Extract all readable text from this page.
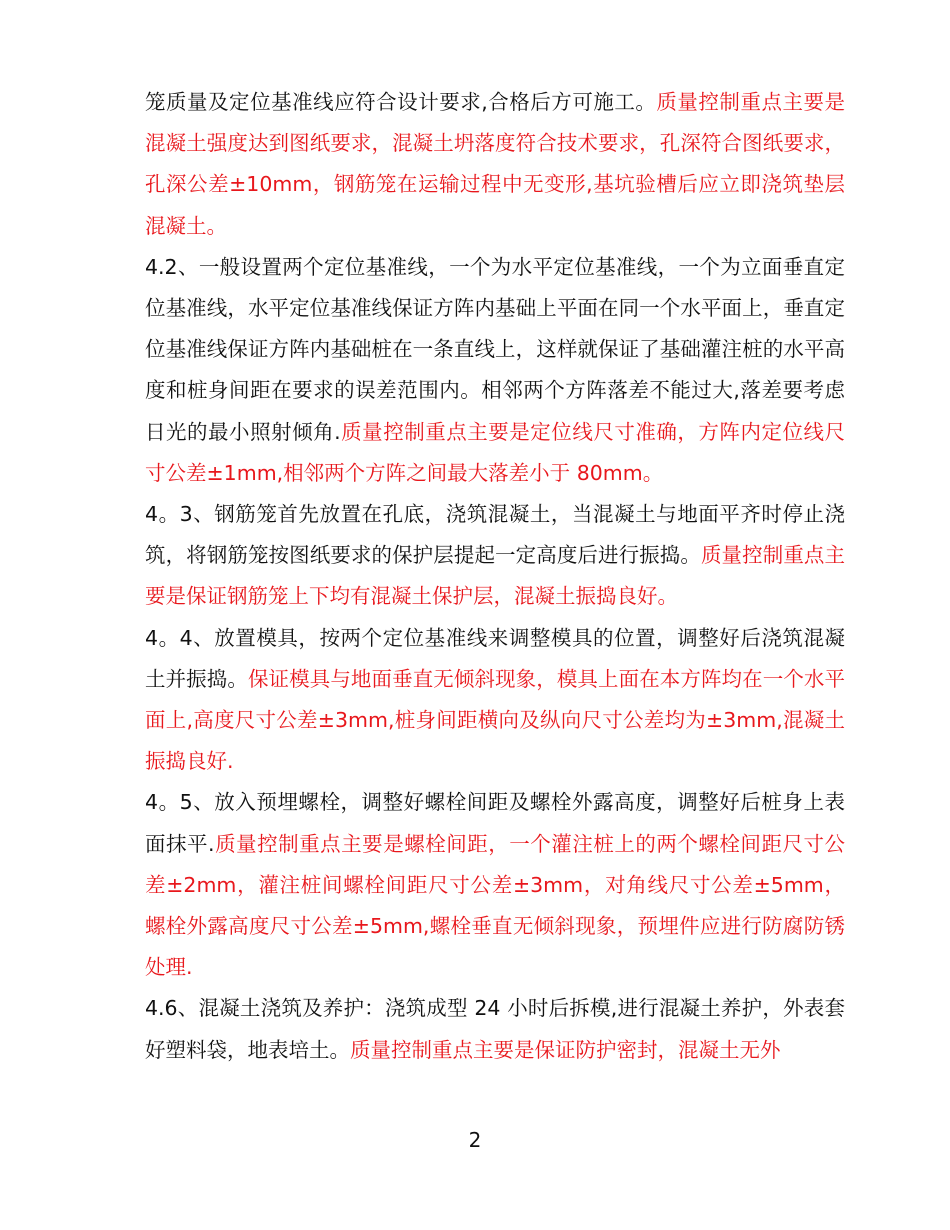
笼质量及定位基准线应符合设计要求,合格后方可施工。质量控制重点主要是混凝土强度达到图纸要求，混凝土坍落度符合技术要求，孔深符合图纸要求，孔深公差±10mm，钢筋笼在运输过程中无变形,基坑验槽后应立即浇筑垫层混凝土。

4.2、一般设置两个定位基准线，一个为水平定位基准线，一个为立面垂直定位基准线，水平定位基准线保证方阵内基础上平面在同一个水平面上，垂直定位基准线保证方阵内基础桩在一条直线上，这样就保证了基础灌注桩的水平高度和桩身间距在要求的误差范围内。相邻两个方阵落差不能过大,落差要考虑日光的最小照射倾角.质量控制重点主要是定位线尺寸准确，方阵内定位线尺寸公差±1mm,相邻两个方阵之间最大落差小于 80mm。

4。3、钢筋笼首先放置在孔底，浇筑混凝土，当混凝土与地面平齐时停止浇筑，将钢筋笼按图纸要求的保护层提起一定高度后进行振捣。质量控制重点主要是保证钢筋笼上下均有混凝土保护层，混凝土振捣良好。

4。4、放置模具，按两个定位基准线来调整模具的位置，调整好后浇筑混凝土并振捣。保证模具与地面垂直无倾斜现象，模具上面在本方阵均在一个水平面上,高度尺寸公差±3mm,桩身间距横向及纵向尺寸公差均为±3mm,混凝土振捣良好.

4。5、放入预埋螺栓，调整好螺栓间距及螺栓外露高度，调整好后桩身上表面抹平.质量控制重点主要是螺栓间距，一个灌注桩上的两个螺栓间距尺寸公差±2mm，灌注桩间螺栓间距尺寸公差±3mm，对角线尺寸公差±5mm，螺栓外露高度尺寸公差±5mm,螺栓垂直无倾斜现象，预埋件应进行防腐防锈处理.

4.6、混凝土浇筑及养护：浇筑成型 24 小时后拆模,进行混凝土养护，外表套好塑料袋，地表培土。质量控制重点主要是保证防护密封，混凝土无外

2
